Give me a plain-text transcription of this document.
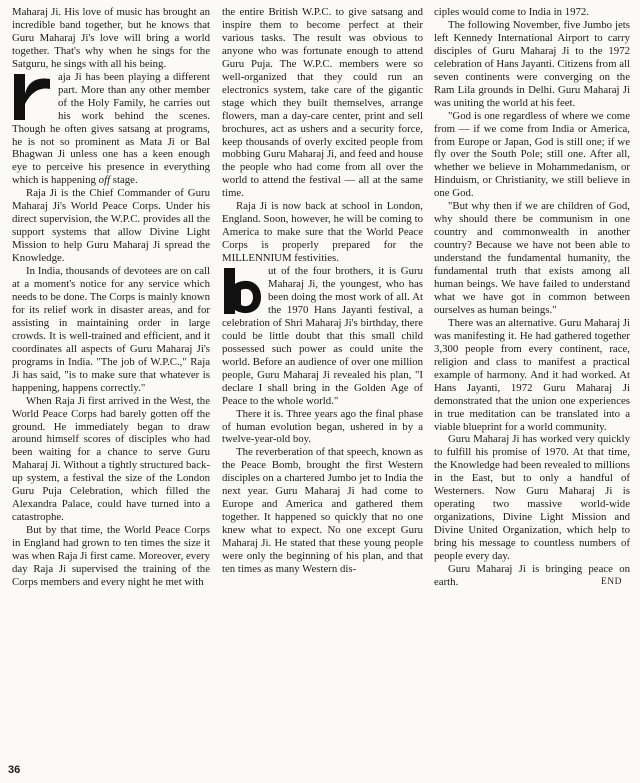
Maharaj Ji. His love of music has brought an incredible band together, but he knows that Guru Maharaj Ji's love will bring a world together. That's why when he sings for the Satguru, he sings with all his being.

aja Ji has been playing a different part. More than any other member of the Holy Family, he carries out his work behind the scenes. Though he often gives satsang at programs, he is not so prominent as Mata Ji or Bal Bhagwan Ji unless one has a keen enough eye to perceive his presence in everything which is happening off stage.

Raja Ji is the Chief Commander of Guru Maharaj Ji's World Peace Corps. Under his direct supervision, the W.P.C. provides all the support systems that allow Divine Light Mission to help Guru Maharaj Ji spread the Knowledge.

In India, thousands of devotees are on call at a moment's notice for any service which needs to be done. The Corps is mainly known for its relief work in disaster areas, and for assisting in maintaining order in large crowds. It is well-trained and efficient, and it coordinates all aspects of Guru Maharaj Ji's programs in India. "The job of W.P.C.," Raja Ji has said, "is to make sure that whatever is happening, happens correctly."

When Raja Ji first arrived in the West, the World Peace Corps had barely gotten off the ground. He immediately began to draw around himself scores of disciples who had been waiting for a chance to serve Guru Maharaj Ji. Without a tightly structured back-up system, a festival the size of the London Guru Puja Celebration, which filled the Alexandra Palace, could have turned into a catastrophe.

But by that time, the World Peace Corps in England had grown to ten times the size it was when Raja Ji first came. Moreover, every day Raja Ji supervised the training of the Corps members and every night he met with

the entire British W.P.C. to give satsang and inspire them to become perfect at their various tasks. The result was obvious to anyone who was fortunate enough to attend Guru Puja. The W.P.C. members were so well-organized that they could run an electronics system, take care of the gigantic stage which they built themselves, arrange flowers, man a day-care center, print and sell brochures, act as ushers and a security force, keep thousands of overly excited people from mobbing Guru Maharaj Ji, and feed and house the people who had come from all over the world to attend the festival — all at the same time.

Raja Ji is now back at school in London, England. Soon, however, he will be coming to America to make sure that the World Peace Corps is properly prepared for the MILLENNIUM festivities.

ut of the four brothers, it is Guru Maharaj Ji, the youngest, who has been doing the most work of all. At the 1970 Hans Jayanti festival, a celebration of Shri Maharaj Ji's birthday, there could be little doubt that this small child possessed such power as could unite the world. Before an audience of over one million people, Guru Maharaj Ji revealed his plan, "I declare I shall bring in the Golden Age of Peace to the whole world."

There it is. Three years ago the final phase of human evolution began, ushered in by a twelve-year-old boy.

The reverberation of that speech, known as the Peace Bomb, brought the first Western disciples on a chartered Jumbo jet to India the next year. Guru Maharaj Ji had come to Europe and America and gathered them together. It happened so quickly that no one knew what to expect. No one except Guru Maharaj Ji. He stated that these young people were only the beginning of his plan, and that ten times as many Western dis-

ciples would come to India in 1972.

The following November, five Jumbo jets left Kennedy International Airport to carry disciples of Guru Maharaj Ji to the 1972 celebration of Hans Jayanti. Citizens from all seven continents were converging on the Ram Lila grounds in Delhi. Guru Maharaj Ji was uniting the world at his feet.

"God is one regardless of where we come from — if we come from India or America, from Europe or Japan, God is still one; if we fly over the South Pole; still one. After all, whether we believe in Mohammedanism, or Hinduism, or Christianity, we still believe in one God.

"But why then if we are children of God, why should there be communism in one country and commonwealth in another country? Because we have not been able to understand the fundamental humanity, the fundamental truth that exists among all human beings. We have failed to understand what we have got in common between ourselves as human beings."

There was an alternative. Guru Maharaj Ji was manifesting it. He had gathered together 3,300 people from every continent, race, religion and class to manifest a practical example of harmony. And it had worked. At Hans Jayanti, 1972 Guru Maharaj Ji demonstrated that the union one experiences in true meditation can be translated into a viable blueprint for a world community.

Guru Maharaj Ji has worked very quickly to fulfill his promise of 1970. At that time, the Knowledge had been revealed to millions in the East, but to only a handful of Westerners. Now Guru Maharaj Ji is operating two massive world-wide organizations, Divine Light Mission and Divine United Organization, which help to bring his message to countless numbers of people every day.

Guru Maharaj Ji is bringing peace on earth.	END

36
